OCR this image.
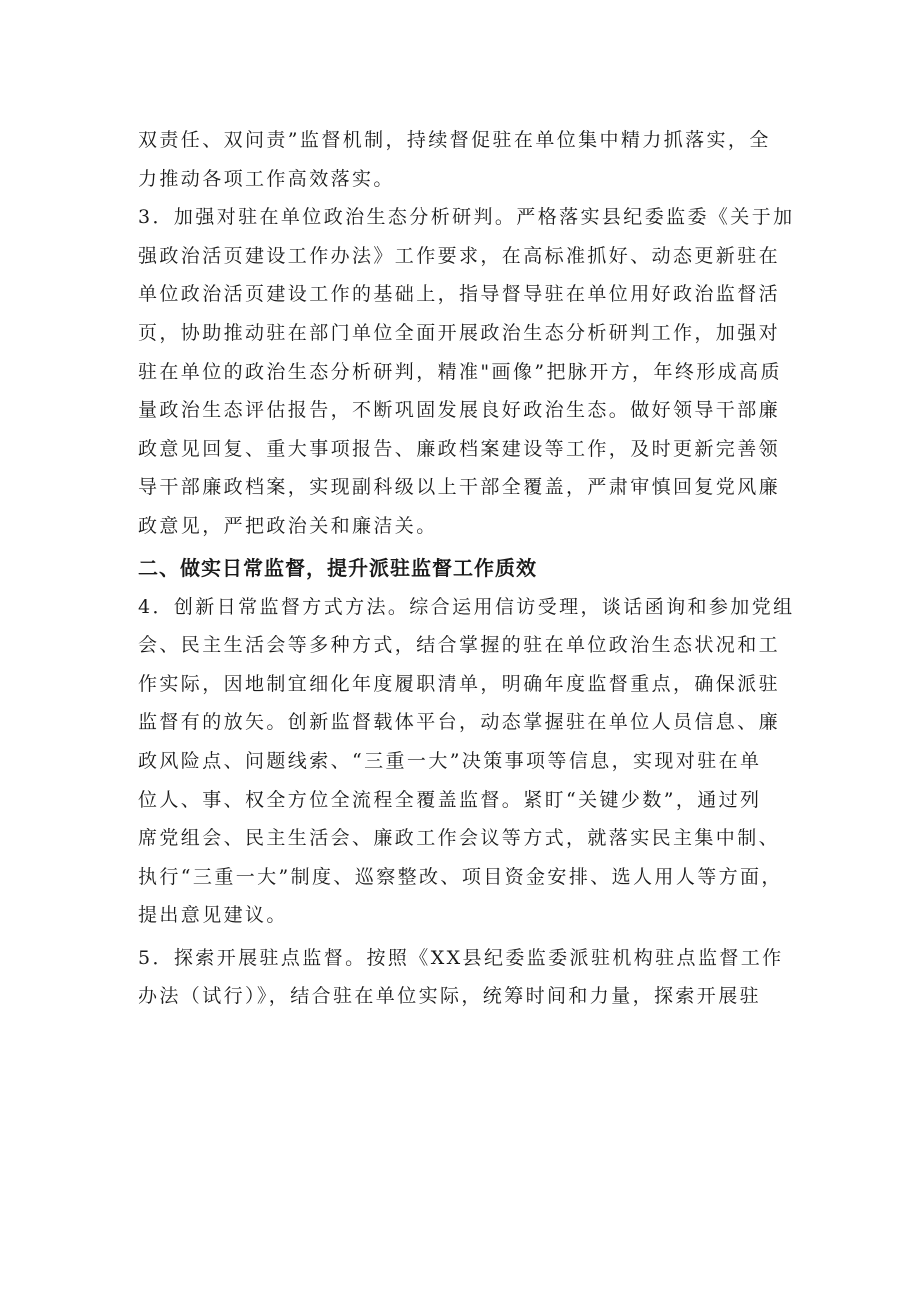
双责任、双问责”监督机制，持续督促驻在单位集中精力抓落实，全
力推动各项工作高效落实。
3．加强对驻在单位政治生态分析研判。严格落实县纪委监委《关于加
强政治活页建设工作办法》工作要求，在高标准抓好、动态更新驻在
单位政治活页建设工作的基础上，指导督导驻在单位用好政治监督活
页，协助推动驻在部门单位全面开展政治生态分析研判工作，加强对
驻在单位的政治生态分析研判，精准"画像”把脉开方，年终形成高质
量政治生态评估报告，不断巩固发展良好政治生态。做好领导干部廉
政意见回复、重大事项报告、廉政档案建设等工作，及时更新完善领
导干部廉政档案，实现副科级以上干部全覆盖，严肃审慎回复党风廉
政意见，严把政治关和廉洁关。
二、做实日常监督，提升派驻监督工作质效
4．创新日常监督方式方法。综合运用信访受理，谈话函询和参加党组
会、民主生活会等多种方式，结合掌握的驻在单位政治生态状况和工
作实际，因地制宜细化年度履职清单，明确年度监督重点，确保派驻
监督有的放矢。创新监督载体平台，动态掌握驻在单位人员信息、廉
政风险点、问题线索、“三重一大”决策事项等信息，实现对驻在单
位人、事、权全方位全流程全覆盖监督。紧盯“关键少数”，通过列
席党组会、民主生活会、廉政工作会议等方式，就落实民主集中制、
执行“三重一大”制度、巡察整改、项目资金安排、选人用人等方面，
提出意见建议。
5．探索开展驻点监督。按照《XX县纪委监委派驻机构驻点监督工作
办法（试行）》，结合驻在单位实际，统筹时间和力量，探索开展驻
